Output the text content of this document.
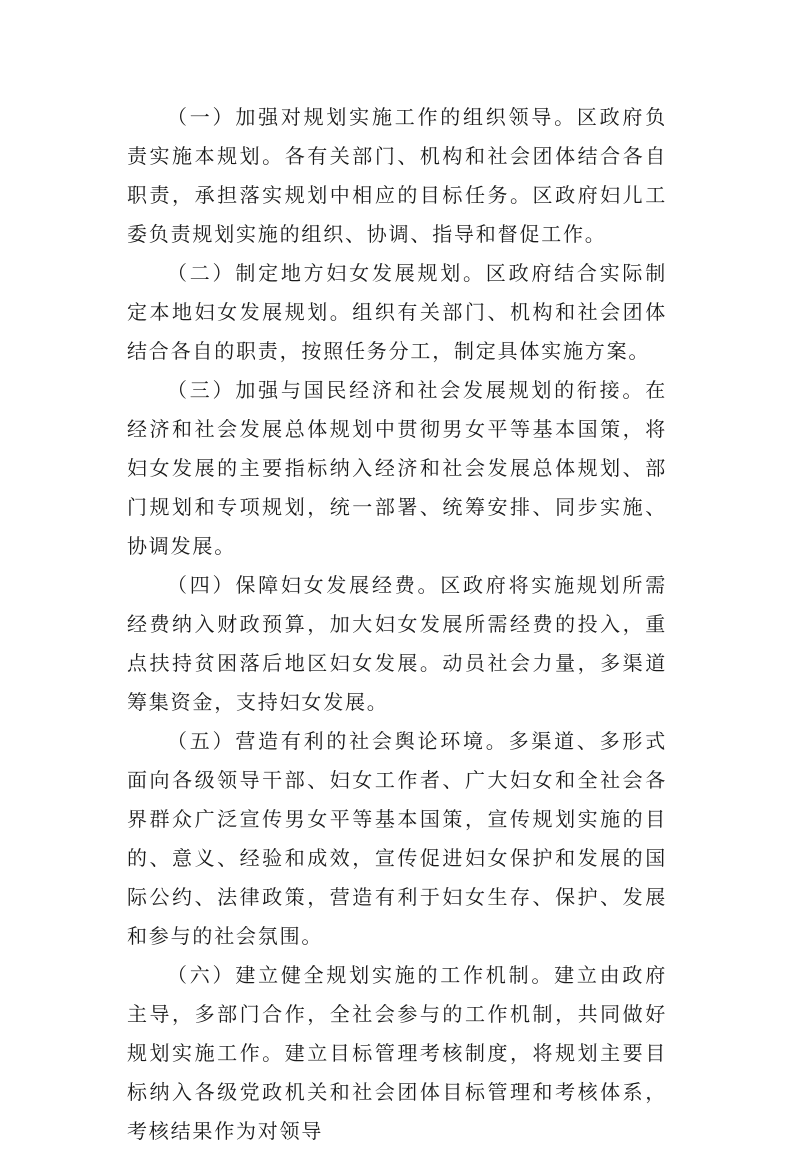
（一）加强对规划实施工作的组织领导。区政府负责实施本规划。各有关部门、机构和社会团体结合各自职责，承担落实规划中相应的目标任务。区政府妇儿工委负责规划实施的组织、协调、指导和督促工作。

（二）制定地方妇女发展规划。区政府结合实际制定本地妇女发展规划。组织有关部门、机构和社会团体结合各自的职责，按照任务分工，制定具体实施方案。

（三）加强与国民经济和社会发展规划的衔接。在经济和社会发展总体规划中贯彻男女平等基本国策，将妇女发展的主要指标纳入经济和社会发展总体规划、部门规划和专项规划，统一部署、统筹安排、同步实施、协调发展。

（四）保障妇女发展经费。区政府将实施规划所需经费纳入财政预算，加大妇女发展所需经费的投入，重点扶持贫困落后地区妇女发展。动员社会力量，多渠道筹集资金，支持妇女发展。

（五）营造有利的社会舆论环境。多渠道、多形式面向各级领导干部、妇女工作者、广大妇女和全社会各界群众广泛宣传男女平等基本国策，宣传规划实施的目的、意义、经验和成效，宣传促进妇女保护和发展的国际公约、法律政策，营造有利于妇女生存、保护、发展和参与的社会氛围。

（六）建立健全规划实施的工作机制。建立由政府主导，多部门合作，全社会参与的工作机制，共同做好规划实施工作。建立目标管理考核制度，将规划主要目标纳入各级党政机关和社会团体目标管理和考核体系，考核结果作为对领导
